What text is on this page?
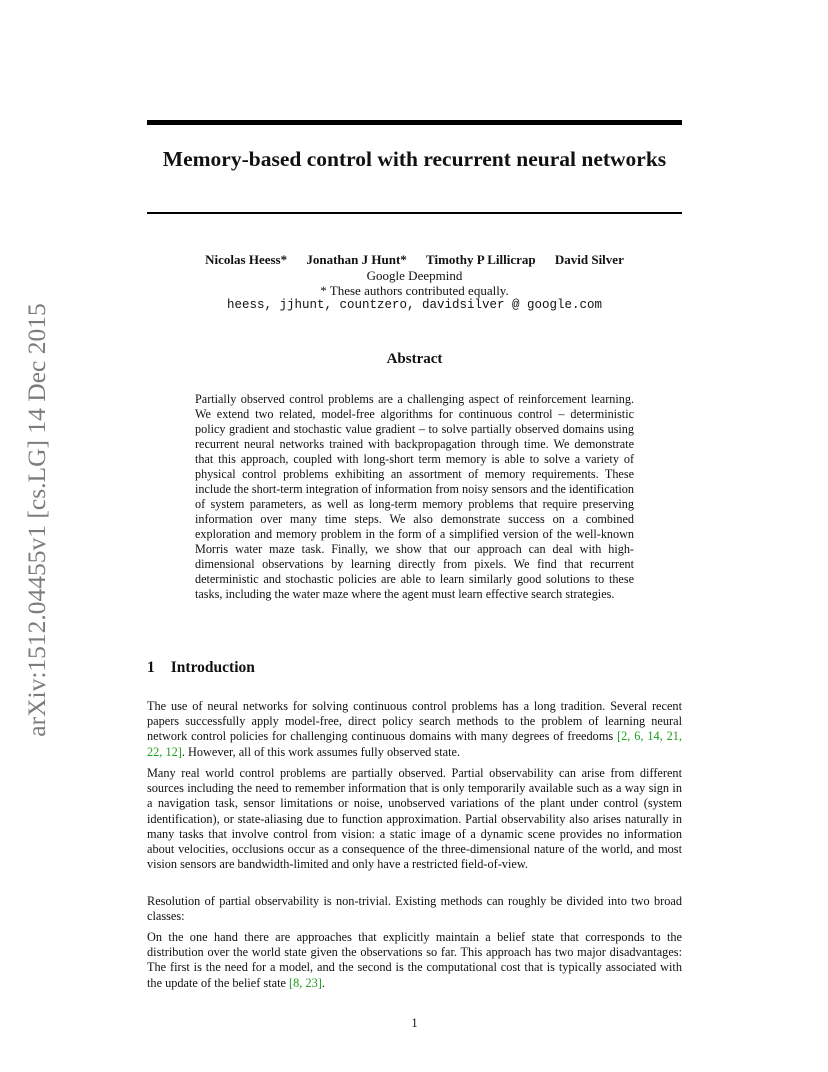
arXiv:1512.04455v1 [cs.LG] 14 Dec 2015
Memory-based control with recurrent neural networks
Nicolas Heess* Jonathan J Hunt* Timothy P Lillicrap David Silver
Google Deepmind
* These authors contributed equally.
heess, jjhunt, countzero, davidsilver @ google.com
Abstract

Partially observed control problems are a challenging aspect of reinforcement learning. We extend two related, model-free algorithms for continuous control – deterministic policy gradient and stochastic value gradient – to solve partially observed domains using recurrent neural networks trained with backpropagation through time. We demonstrate that this approach, coupled with long-short term memory is able to solve a variety of physical control problems exhibiting an assortment of memory requirements. These include the short-term integration of information from noisy sensors and the identification of system parameters, as well as long-term memory problems that require preserving information over many time steps. We also demonstrate success on a combined exploration and memory problem in the form of a simplified version of the well-known Morris water maze task. Finally, we show that our approach can deal with high-dimensional observations by learning directly from pixels. We find that recurrent deterministic and stochastic policies are able to learn similarly good solutions to these tasks, including the water maze where the agent must learn effective search strategies.

1 Introduction

The use of neural networks for solving continuous control problems has a long tradition. Several recent papers successfully apply model-free, direct policy search methods to the problem of learning neural network control policies for challenging continuous domains with many degrees of freedoms [2, 6, 14, 21, 22, 12]. However, all of this work assumes fully observed state.

Many real world control problems are partially observed. Partial observability can arise from different sources including the need to remember information that is only temporarily available such as a way sign in a navigation task, sensor limitations or noise, unobserved variations of the plant under control (system identification), or state-aliasing due to function approximation. Partial observability also arises naturally in many tasks that involve control from vision: a static image of a dynamic scene provides no information about velocities, occlusions occur as a consequence of the three-dimensional nature of the world, and most vision sensors are bandwidth-limited and only have a restricted field-of-view.

Resolution of partial observability is non-trivial. Existing methods can roughly be divided into two broad classes:

On the one hand there are approaches that explicitly maintain a belief state that corresponds to the distribution over the world state given the observations so far. This approach has two major disadvantages: The first is the need for a model, and the second is the computational cost that is typically associated with the update of the belief state [8, 23].

1
